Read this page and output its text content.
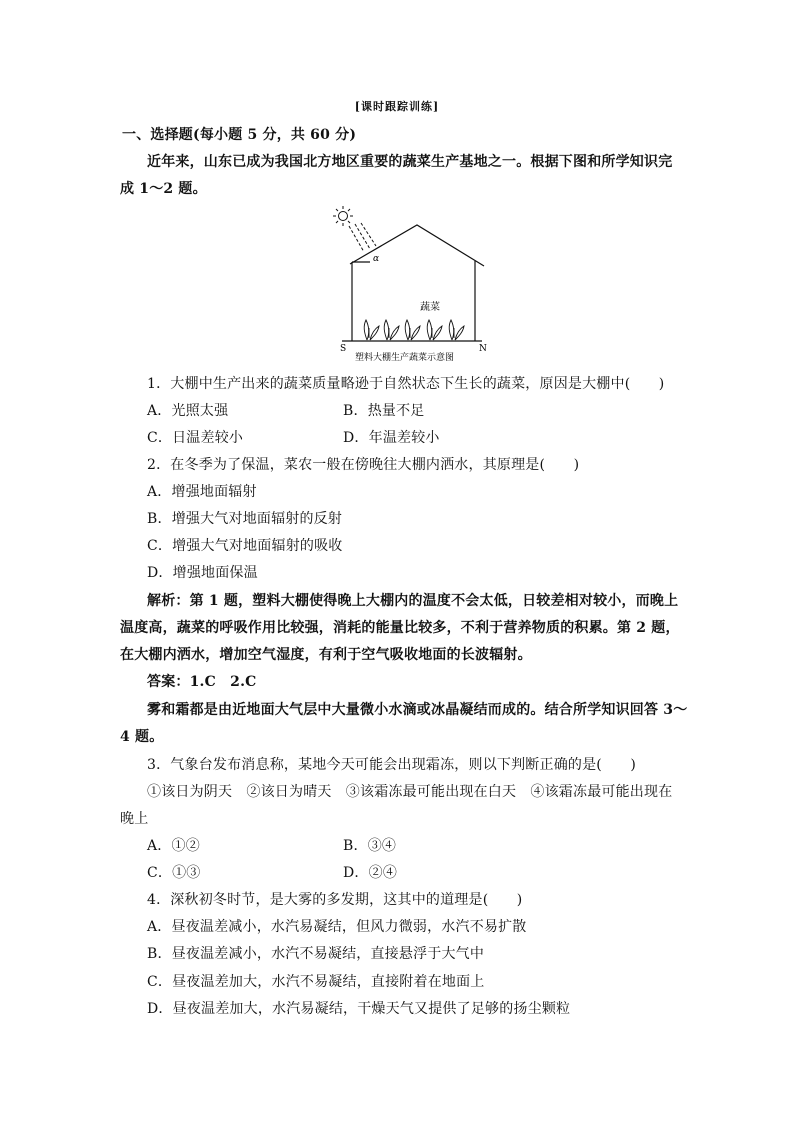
[课时跟踪训练]
一、选择题(每小题 5 分，共 60 分)
近年来，山东已成为我国北方地区重要的蔬菜生产基地之一。根据下图和所学知识完
成 1～2 题。
α
蔬菜
S	N
塑料大棚生产蔬菜示意图
1．大棚中生产出来的蔬菜质量略逊于自然状态下生长的蔬菜，原因是大棚中(　　)
A．光照太强	B．热量不足
C．日温差较小	D．年温差较小
2．在冬季为了保温，菜农一般在傍晚往大棚内洒水，其原理是(　　)
A．增强地面辐射
B．增强大气对地面辐射的反射
C．增强大气对地面辐射的吸收
D．增强地面保温
解析：第 1 题，塑料大棚使得晚上大棚内的温度不会太低，日较差相对较小，而晚上
温度高，蔬菜的呼吸作用比较强，消耗的能量比较多，不利于营养物质的积累。第 2 题，
在大棚内洒水，增加空气湿度，有利于空气吸收地面的长波辐射。
答案：1.C　2.C
雾和霜都是由近地面大气层中大量微小水滴或冰晶凝结而成的。结合所学知识回答 3～
4 题。
3．气象台发布消息称，某地今天可能会出现霜冻，则以下判断正确的是(　　)
①该日为阴天　②该日为晴天　③该霜冻最可能出现在白天　④该霜冻最可能出现在
晚上
A．①②	B．③④
C．①③	D．②④
4．深秋初冬时节，是大雾的多发期，这其中的道理是(　　)
A．昼夜温差减小，水汽易凝结，但风力微弱，水汽不易扩散
B．昼夜温差减小，水汽不易凝结，直接悬浮于大气中
C．昼夜温差加大，水汽不易凝结，直接附着在地面上
D．昼夜温差加大，水汽易凝结，干燥天气又提供了足够的扬尘颗粒
